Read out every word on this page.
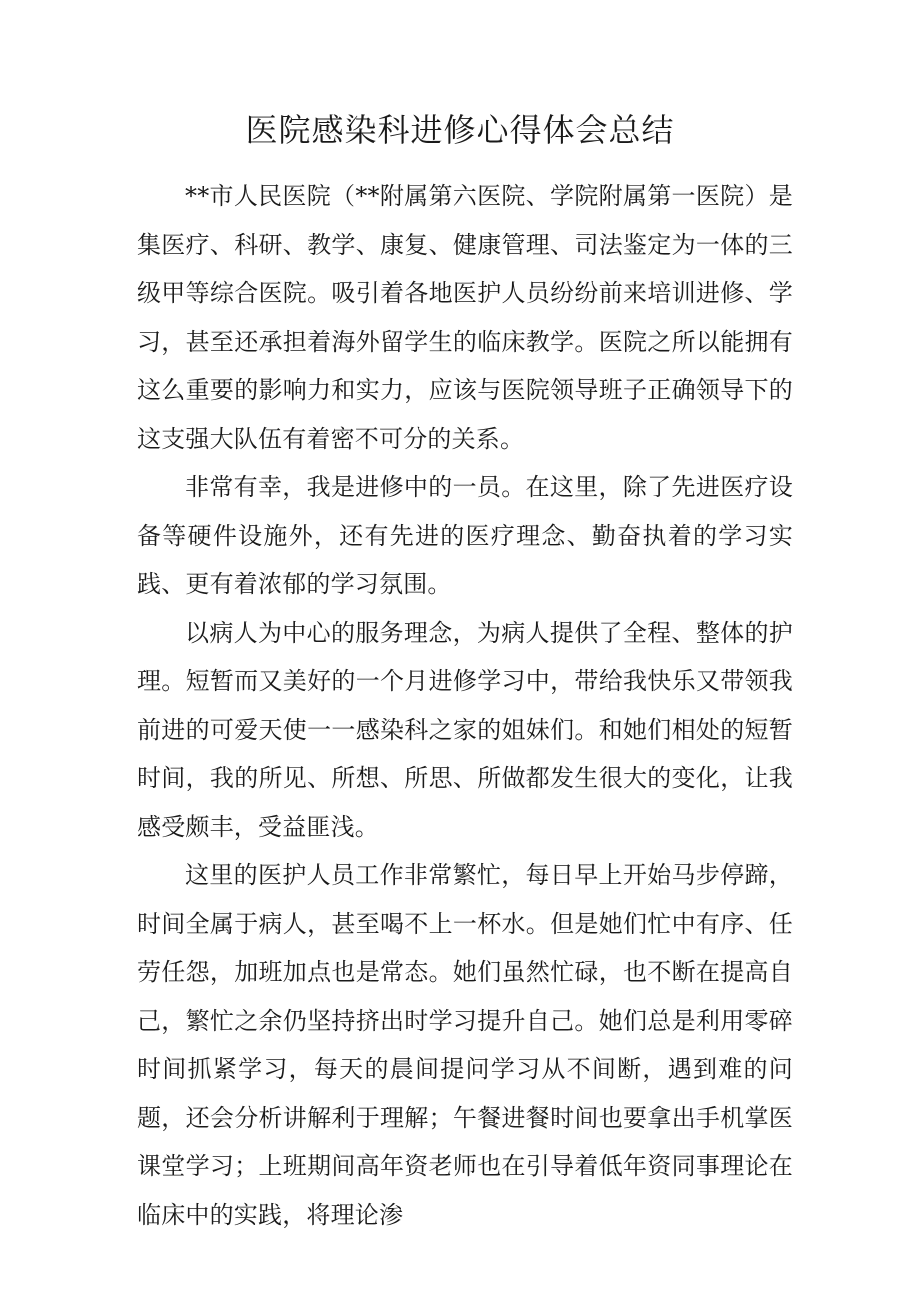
医院感染科进修心得体会总结

**市人民医院（**附属第六医院、学院附属第一医院）是集医疗、科研、教学、康复、健康管理、司法鉴定为一体的三级甲等综合医院。吸引着各地医护人员纷纷前来培训进修、学习，甚至还承担着海外留学生的临床教学。医院之所以能拥有这么重要的影响力和实力，应该与医院领导班子正确领导下的这支强大队伍有着密不可分的关系。

非常有幸，我是进修中的一员。在这里，除了先进医疗设备等硬件设施外，还有先进的医疗理念、勤奋执着的学习实践、更有着浓郁的学习氛围。

以病人为中心的服务理念，为病人提供了全程、整体的护理。短暂而又美好的一个月进修学习中，带给我快乐又带领我前进的可爱天使一一感染科之家的姐妹们。和她们相处的短暂时间，我的所见、所想、所思、所做都发生很大的变化，让我感受颇丰，受益匪浅。

这里的医护人员工作非常繁忙，每日早上开始马步停蹄，时间全属于病人，甚至喝不上一杯水。但是她们忙中有序、任劳任怨，加班加点也是常态。她们虽然忙碌，也不断在提高自己，繁忙之余仍坚持挤出时学习提升自己。她们总是利用零碎时间抓紧学习，每天的晨间提问学习从不间断，遇到难的问题，还会分析讲解利于理解；午餐进餐时间也要拿出手机掌医课堂学习；上班期间高年资老师也在引导着低年资同事理论在临床中的实践，将理论渗
